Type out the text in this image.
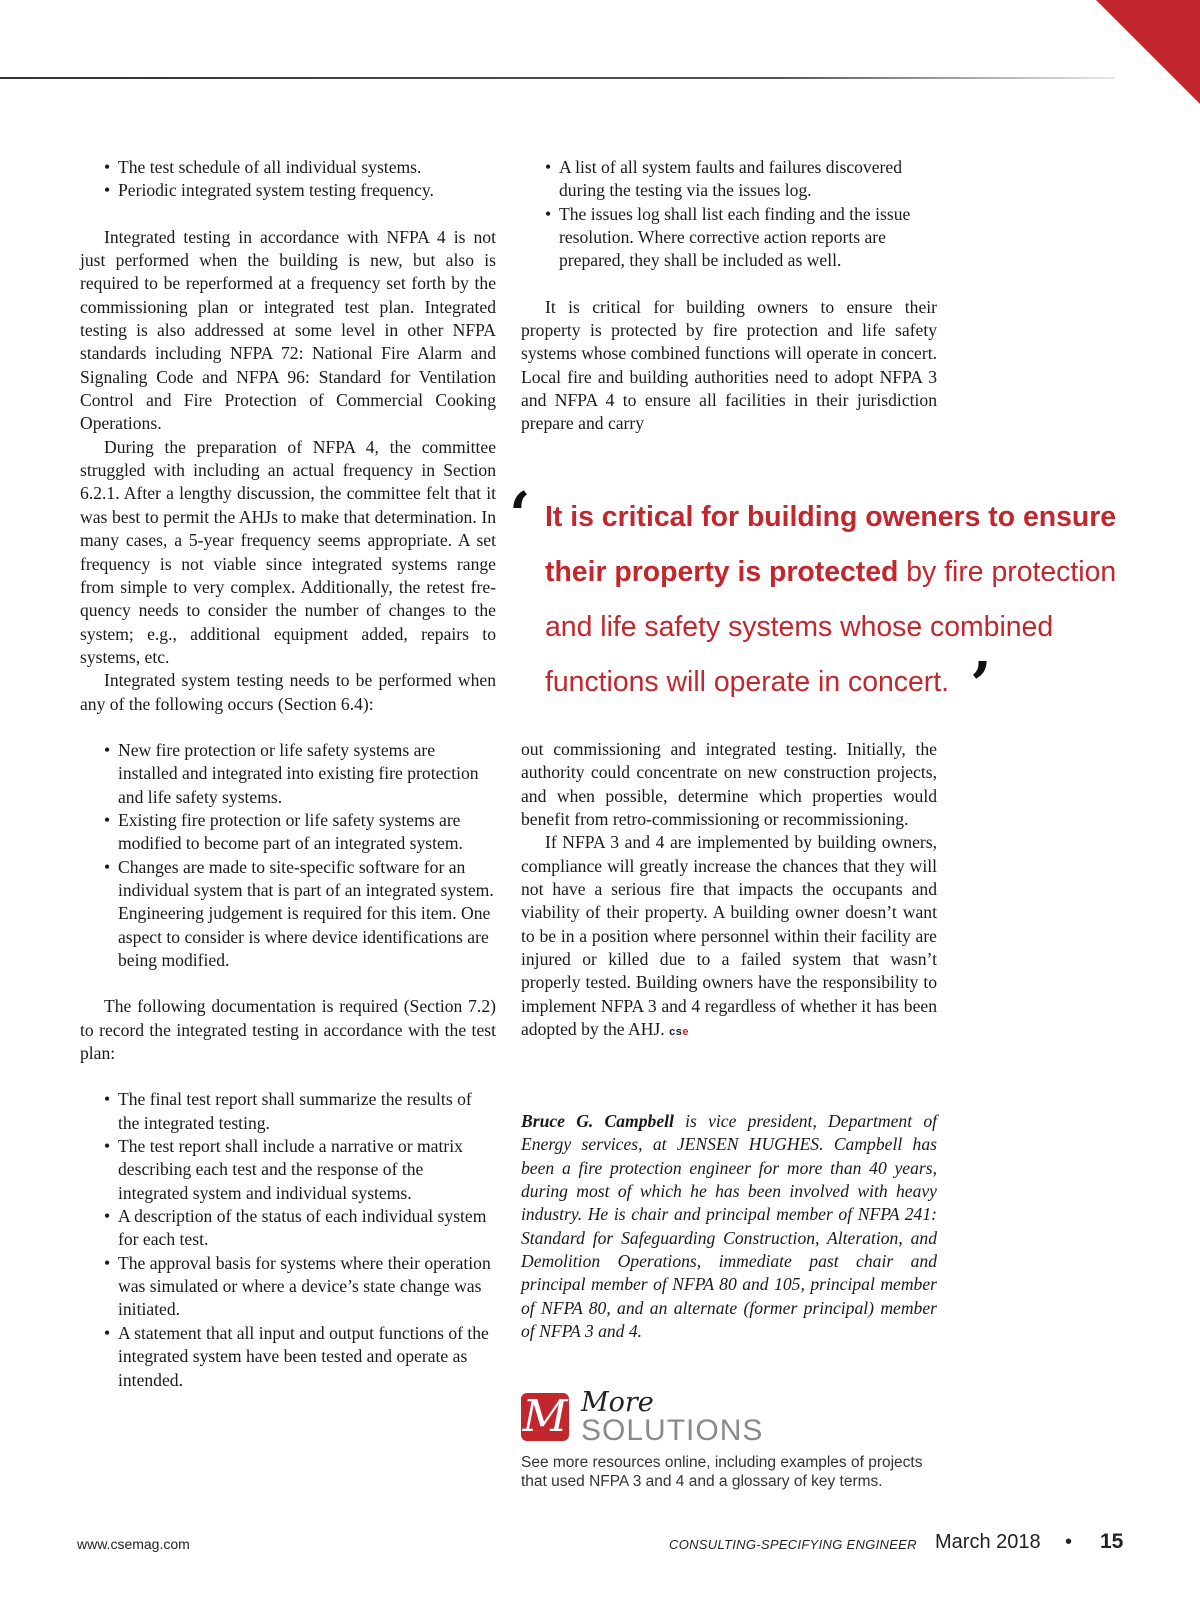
• The test schedule of all individual systems.
• Periodic integrated system testing frequency.

Integrated testing in accordance with NFPA 4 is not just performed when the building is new, but also is required to be reperformed at a frequency set forth by the commissioning plan or integrated test plan. Integrated testing is also addressed at some level in other NFPA standards including NFPA 72: National Fire Alarm and Signaling Code and NFPA 96: Standard for Ventilation Control and Fire Protection of Commercial Cooking Operations.

During the preparation of NFPA 4, the committee struggled with including an actual frequency in Section 6.2.1. After a lengthy discussion, the committee felt that it was best to permit the AHJs to make that determination. In many cases, a 5-year frequency seems appropriate. A set frequency is not viable since integrated systems range from simple to very complex. Additionally, the retest frequency needs to consider the number of changes to the system; e.g., additional equipment added, repairs to systems, etc.

Integrated system testing needs to be performed when any of the following occurs (Section 6.4):

• New fire protection or life safety systems are installed and integrated into existing fire protection and life safety systems.
• Existing fire protection or life safety systems are modified to become part of an integrated system.
• Changes are made to site-specific software for an individual system that is part of an integrated system. Engineering judgement is required for this item. One aspect to consider is where device identifications are being modified.

The following documentation is required (Section 7.2) to record the integrated testing in accordance with the test plan:

• The final test report shall summarize the results of the integrated testing.
• The test report shall include a narrative or matrix describing each test and the response of the integrated system and individual systems.
• A description of the status of each individual system for each test.
• The approval basis for systems where their operation was simulated or where a device’s state change was initiated.
• A statement that all input and output functions of the integrated system have been tested and operate as intended.
• A list of all system faults and failures discovered during the testing via the issues log.
• The issues log shall list each finding and the issue resolution. Where corrective action reports are prepared, they shall be included as well.

It is critical for building owners to ensure their property is protected by fire protection and life safety systems whose combined functions will operate in concert. Local fire and building authorities need to adopt NFPA 3 and NFPA 4 to ensure all facilities in their jurisdiction prepare and carry

‘ It is critical for building oweners to ensure their property is protected by fire protection and life safety systems whose combined functions will operate in concert. ’

out commissioning and integrated testing. Initially, the authority could concentrate on new construction projects, and when possible, determine which properties would benefit from retro-commissioning or recommissioning.

If NFPA 3 and 4 are implemented by building owners, compliance will greatly increase the chances that they will not have a serious fire that impacts the occupants and viability of their property. A building owner doesn’t want to be in a position where personnel within their facility are injured or killed due to a failed system that wasn’t properly tested. Building owners have the responsibility to implement NFPA 3 and 4 regardless of whether it has been adopted by the AHJ. cse

Bruce G. Campbell is vice president, Department of Energy services, at JENSEN HUGHES. Campbell has been a fire protection engineer for more than 40 years, during most of which he has been involved with heavy industry. He is chair and principal member of NFPA 241: Standard for Safeguarding Construction, Alteration, and Demolition Operations, immediate past chair and principal member of NFPA 80 and 105, principal member of NFPA 80, and an alternate (former principal) member of NFPA 3 and 4.
M More
SOLUTIONS
See more resources online, including examples of projects that used NFPA 3 and 4 and a glossary of key terms.
www.csemag.com	CONSULTING-SPECIFYING ENGINEER March 2018 • 15
